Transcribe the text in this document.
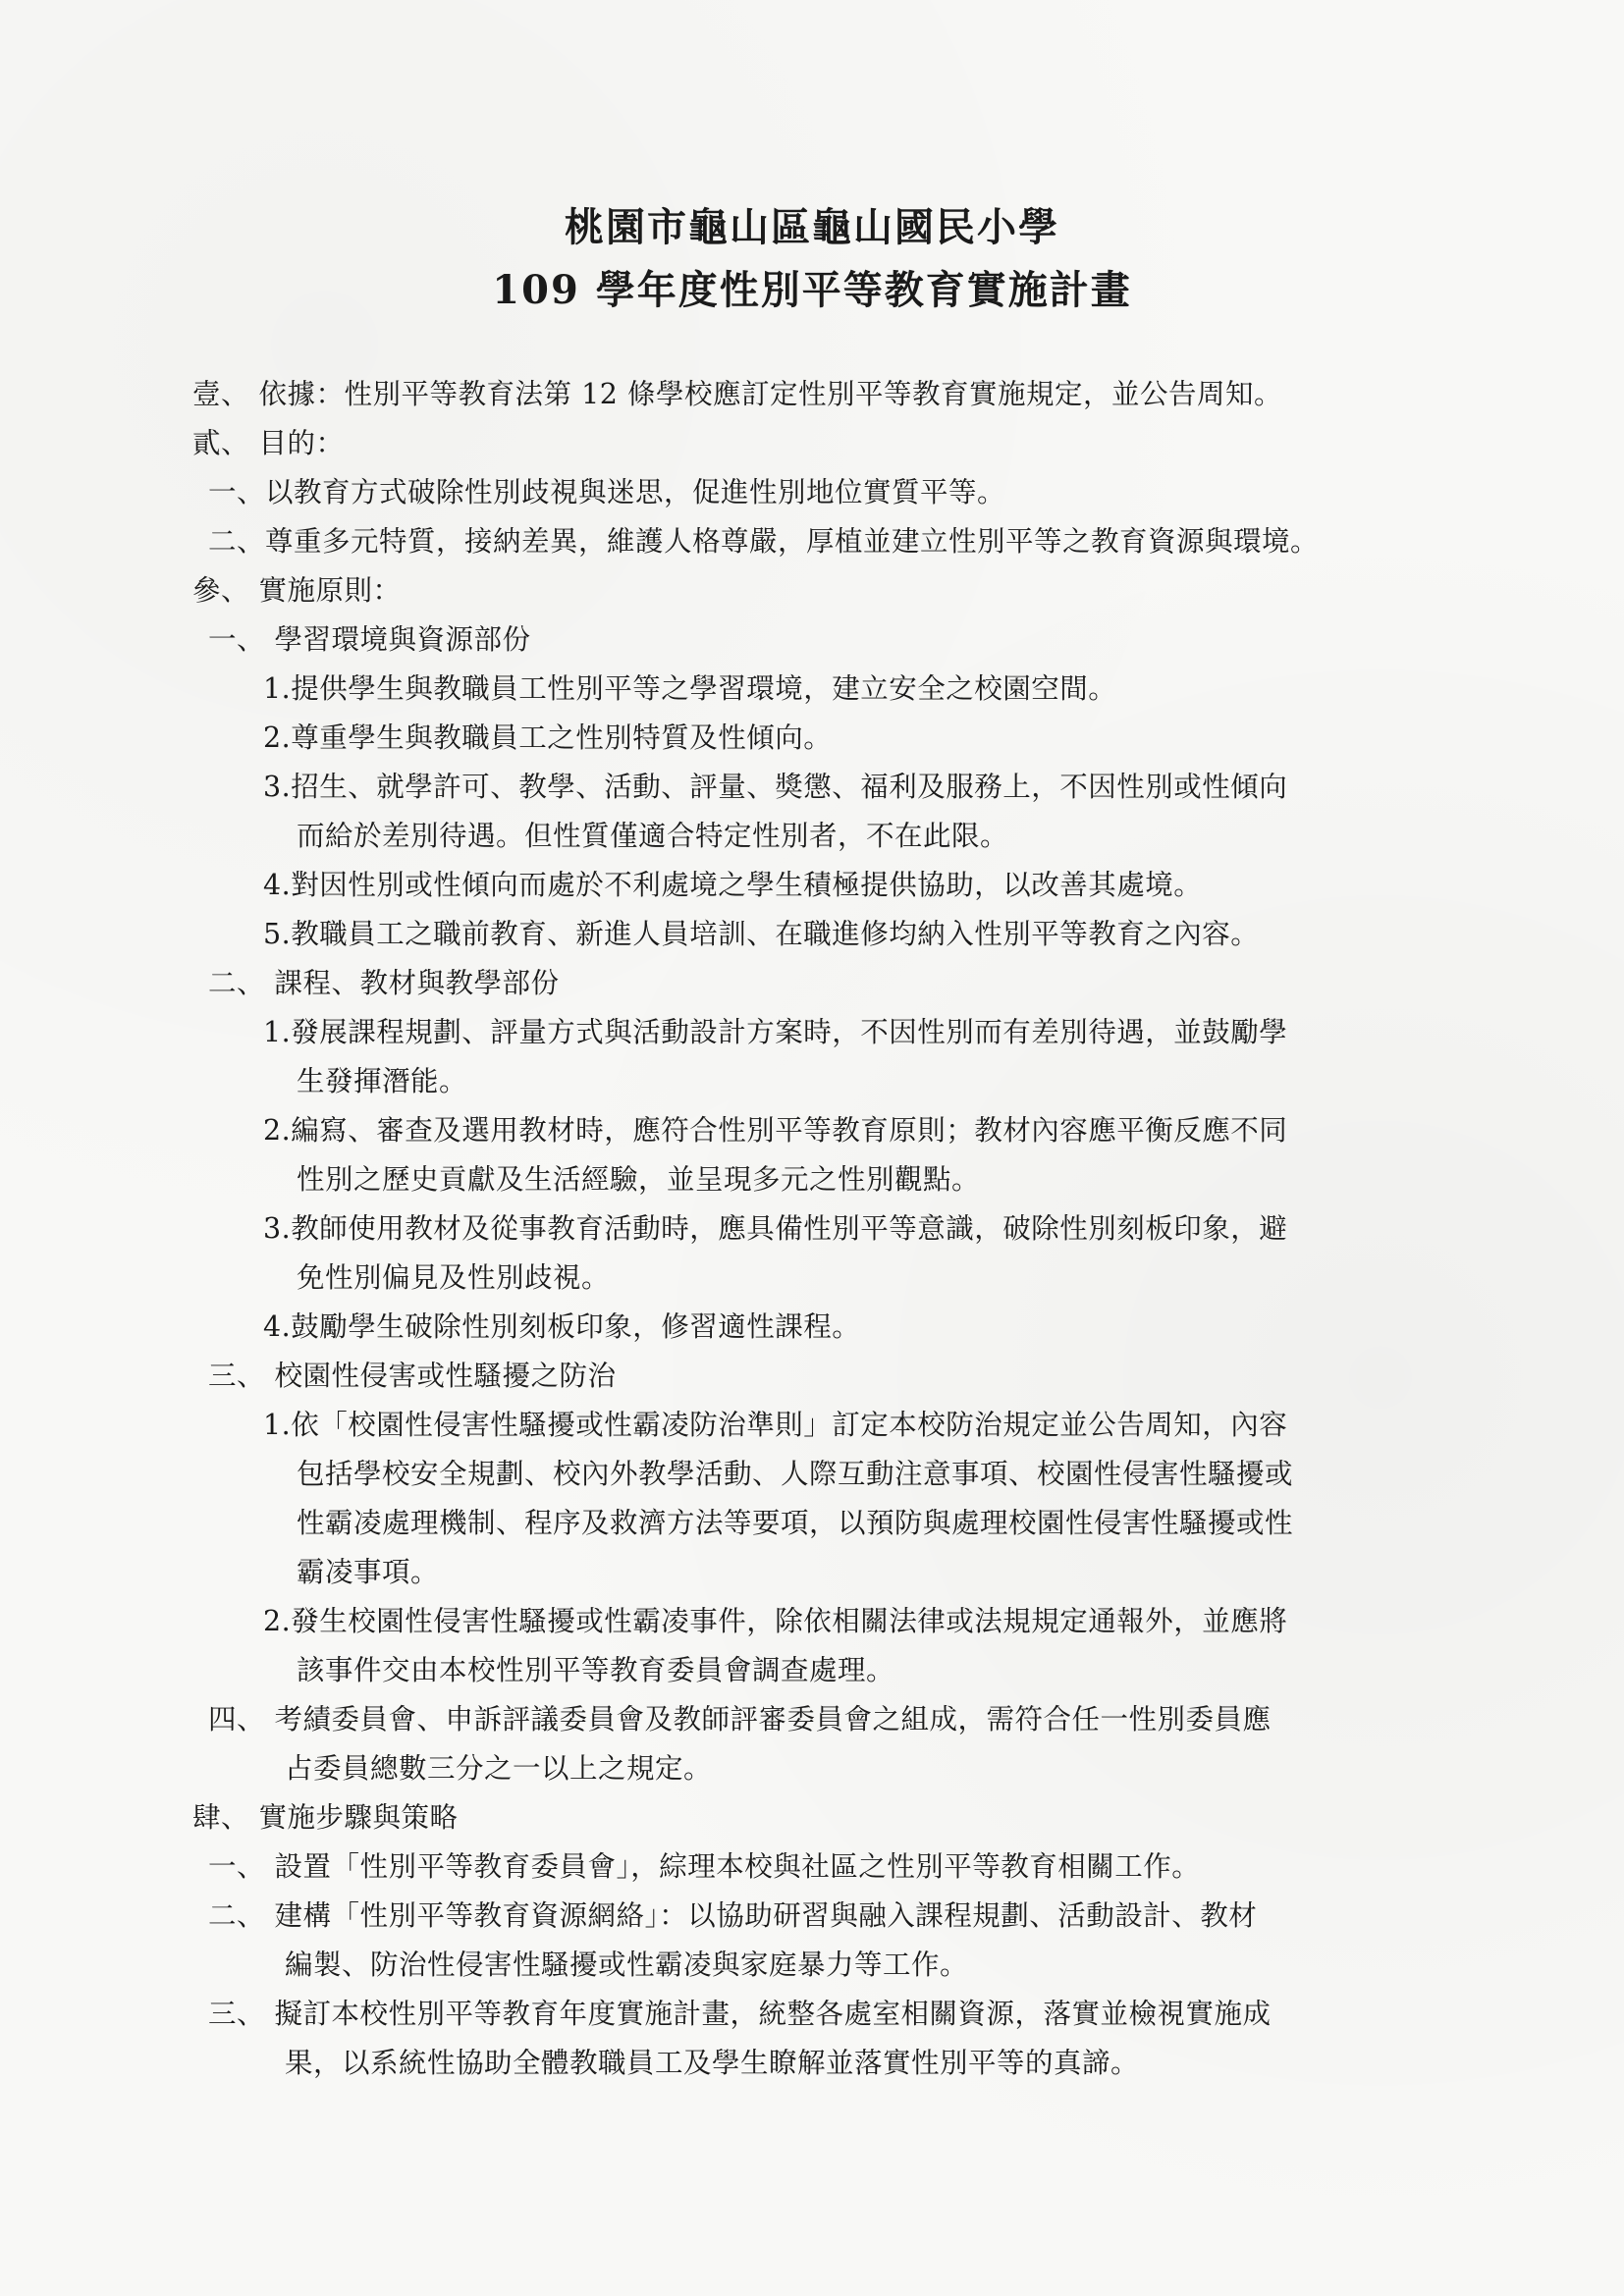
桃園市龜山區龜山國民小學
109 學年度性別平等教育實施計畫
壹、 依據：性別平等教育法第 12 條學校應訂定性別平等教育實施規定，並公告周知。
貳、 目的：
一、以教育方式破除性別歧視與迷思，促進性別地位實質平等。
二、尊重多元特質，接納差異，維護人格尊嚴，厚植並建立性別平等之教育資源與環境。
參、 實施原則：
一、 學習環境與資源部份
1.提供學生與教職員工性別平等之學習環境，建立安全之校園空間。
2.尊重學生與教職員工之性別特質及性傾向。
3.招生、就學許可、教學、活動、評量、獎懲、福利及服務上，不因性別或性傾向
而給於差別待遇。但性質僅適合特定性別者，不在此限。
4.對因性別或性傾向而處於不利處境之學生積極提供協助，以改善其處境。
5.教職員工之職前教育、新進人員培訓、在職進修均納入性別平等教育之內容。
二、 課程、教材與教學部份
1.發展課程規劃、評量方式與活動設計方案時，不因性別而有差別待遇，並鼓勵學
生發揮潛能。
2.編寫、審查及選用教材時，應符合性別平等教育原則；教材內容應平衡反應不同
性別之歷史貢獻及生活經驗，並呈現多元之性別觀點。
3.教師使用教材及從事教育活動時，應具備性別平等意識，破除性別刻板印象，避
免性別偏見及性別歧視。
4.鼓勵學生破除性別刻板印象，修習適性課程。
三、 校園性侵害或性騷擾之防治
1.依「校園性侵害性騷擾或性霸凌防治準則」訂定本校防治規定並公告周知，內容
包括學校安全規劃、校內外教學活動、人際互動注意事項、校園性侵害性騷擾或
性霸凌處理機制、程序及救濟方法等要項，以預防與處理校園性侵害性騷擾或性
霸凌事項。
2.發生校園性侵害性騷擾或性霸凌事件，除依相關法律或法規規定通報外，並應將
該事件交由本校性別平等教育委員會調查處理。
四、 考績委員會、申訴評議委員會及教師評審委員會之組成，需符合任一性別委員應
占委員總數三分之一以上之規定。
肆、 實施步驟與策略
一、 設置「性別平等教育委員會」，綜理本校與社區之性別平等教育相關工作。
二、 建構「性別平等教育資源網絡」：以協助研習與融入課程規劃、活動設計、教材
編製、防治性侵害性騷擾或性霸凌與家庭暴力等工作。
三、 擬訂本校性別平等教育年度實施計畫，統整各處室相關資源，落實並檢視實施成
果，以系統性協助全體教職員工及學生瞭解並落實性別平等的真諦。
